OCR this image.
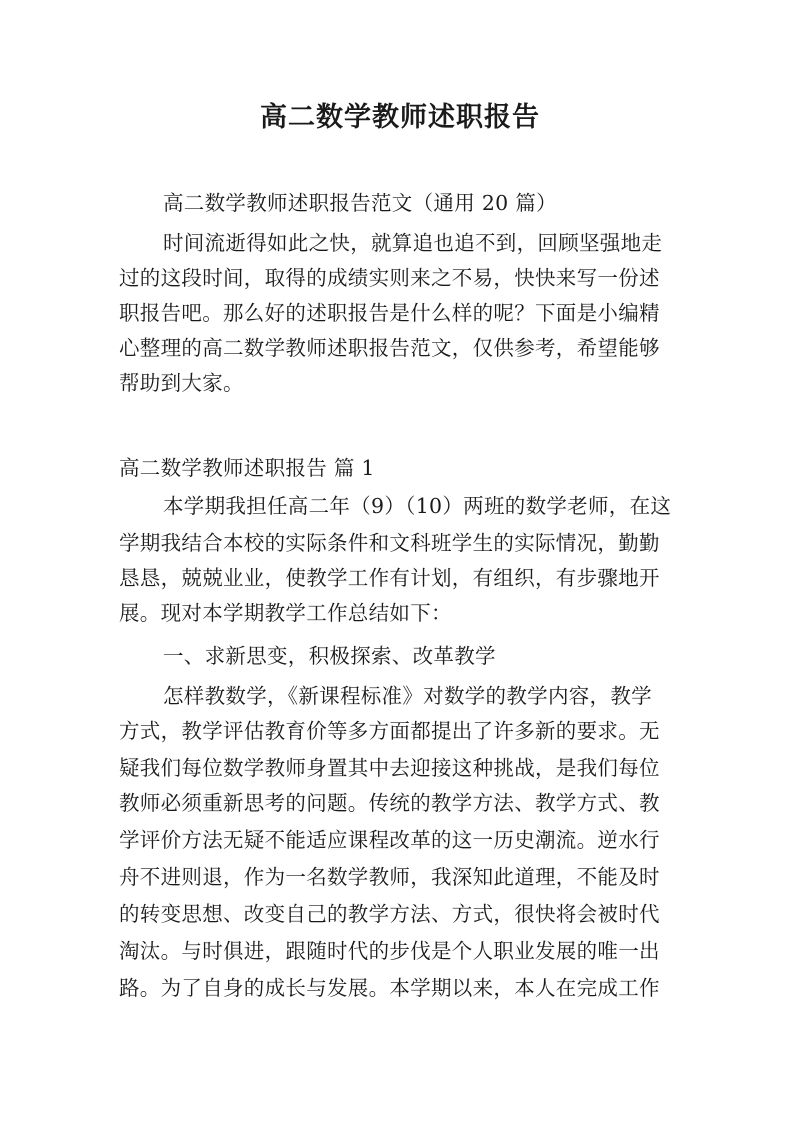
高二数学教师述职报告
高二数学教师述职报告范文（通用 20 篇）
时间流逝得如此之快，就算追也追不到，回顾坚强地走
过的这段时间，取得的成绩实则来之不易，快快来写一份述
职报告吧。那么好的述职报告是什么样的呢？下面是小编精
心整理的高二数学教师述职报告范文，仅供参考，希望能够
帮助到大家。
高二数学教师述职报告 篇 1
本学期我担任高二年（9）（10）两班的数学老师，在这
学期我结合本校的实际条件和文科班学生的实际情况，勤勤
恳恳，兢兢业业，使教学工作有计划，有组织，有步骤地开
展。现对本学期教学工作总结如下：
一、求新思变，积极探索、改革教学
怎样教数学，《新课程标准》对数学的教学内容，教学
方式，教学评估教育价等多方面都提出了许多新的要求。无
疑我们每位数学教师身置其中去迎接这种挑战，是我们每位
教师必须重新思考的问题。传统的教学方法、教学方式、教
学评价方法无疑不能适应课程改革的这一历史潮流。逆水行
舟不进则退，作为一名数学教师，我深知此道理，不能及时
的转变思想、改变自己的教学方法、方式，很快将会被时代
淘汰。与时俱进，跟随时代的步伐是个人职业发展的唯一出
路。为了自身的成长与发展。本学期以来，本人在完成工作
